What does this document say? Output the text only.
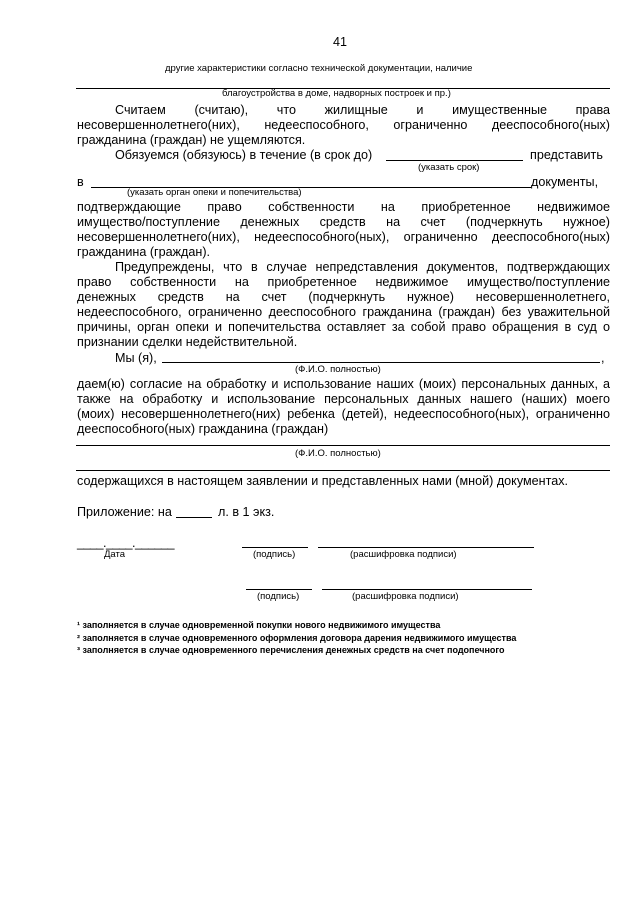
41
другие характеристики согласно технической документации, наличие
благоустройства в доме, надворных построек и пр.)
Считаем (считаю), что жилищные и имущественные права
несовершеннолетнего(них), недееспособного, ограниченно дееспособного(ных)
гражданина (граждан) не ущемляются.
Обязуемся (обязуюсь) в течение (в срок до)	представить
(указать срок)
в	документы,
(указать орган опеки и попечительства)
подтверждающие право собственности на приобретенное недвижимое
имущество/поступление денежных средств на счет (подчеркнуть нужное)
несовершеннолетнего(них), недееспособного(ных), ограниченно дееспособного(ных)
гражданина (граждан).
Предупреждены, что в случае непредставления документов, подтверждающих
право собственности на приобретенное недвижимое имущество/поступление
денежных средств на счет (подчеркнуть нужное) несовершеннолетнего,
недееспособного, ограниченно дееспособного гражданина (граждан) без уважительной
причины, орган опеки и попечительства оставляет за собой право обращения в суд о
признании сделки недействительной.
Мы (я),	,
(Ф.И.О. полностью)
даем(ю) согласие на обработку и использование наших (моих) персональных данных, а
также на обработку и использование персональных данных нашего (наших) моего
(моих) несовершеннолетнего(них) ребенка (детей), недееспособного(ных), ограниченно
дееспособного(ных) гражданина (граждан)
(Ф.И.О. полностью)
содержащихся в настоящем заявлении и представленных нами (мной) документах.
Приложение: на	л. в 1 экз.
____.____.______
Дата	(подпись)	(расшифровка подписи)
(подпись)	(расшифровка подписи)
¹ заполняется в случае одновременной покупки нового недвижимого имущества
² заполняется в случае одновременного оформления договора дарения недвижимого имущества
³ заполняется в случае одновременного перечисления денежных средств на счет подопечного
